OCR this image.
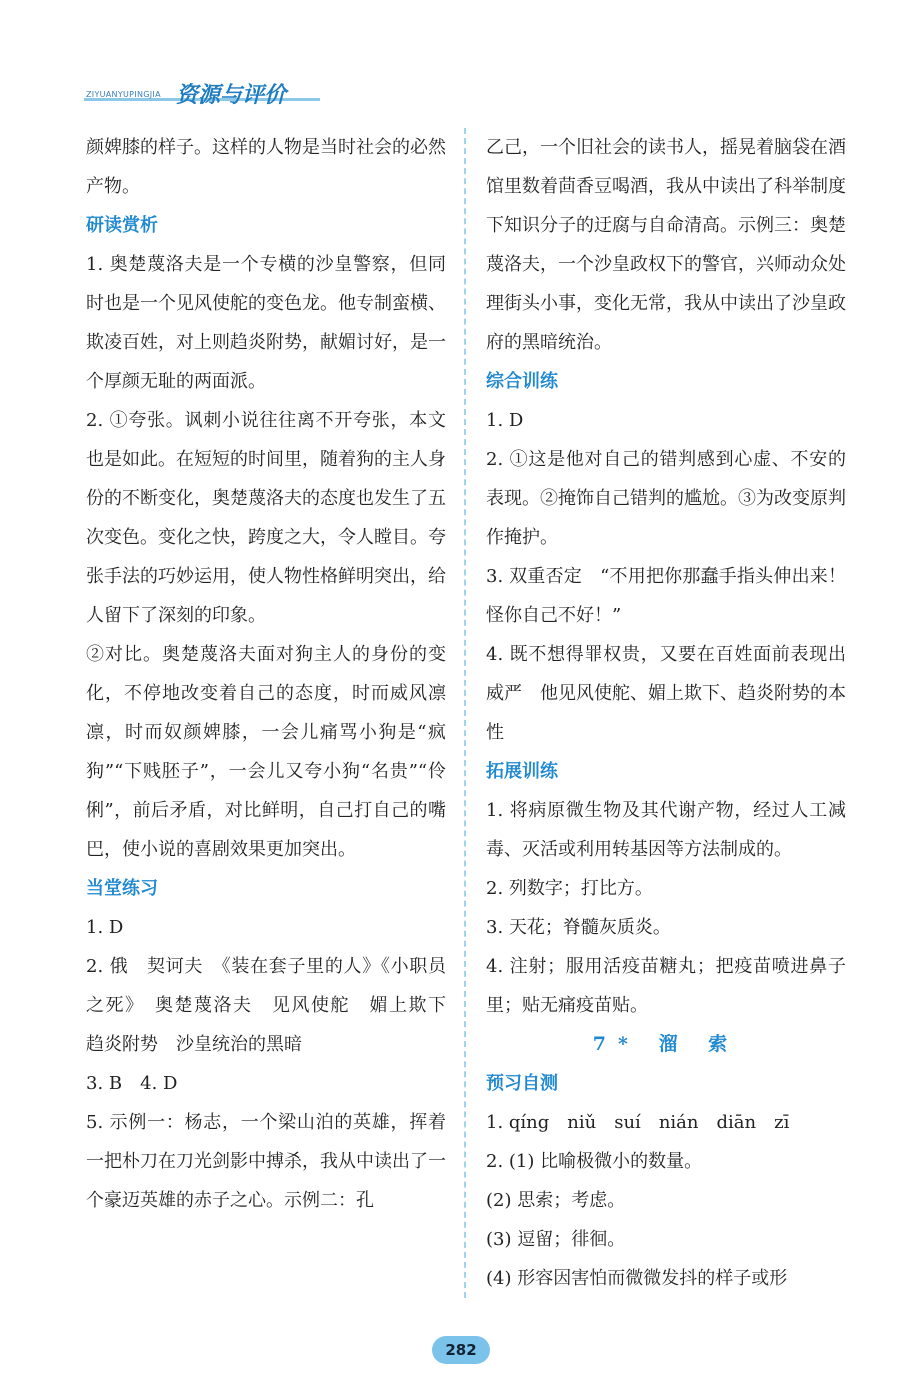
ZIYUANYUPINGJIA 资源与评价

颜婢膝的样子。这样的人物是当时社会的必然产物。

研读赏析

1. 奥楚蔑洛夫是一个专横的沙皇警察，但同时也是一个见风使舵的变色龙。他专制蛮横、欺凌百姓，对上则趋炎附势，献媚讨好，是一个厚颜无耻的两面派。

2. ①夸张。讽刺小说往往离不开夸张，本文也是如此。在短短的时间里，随着狗的主人身份的不断变化，奥楚蔑洛夫的态度也发生了五次变色。变化之快，跨度之大，令人瞠目。夸张手法的巧妙运用，使人物性格鲜明突出，给人留下了深刻的印象。

②对比。奥楚蔑洛夫面对狗主人的身份的变化，不停地改变着自己的态度，时而威风凛凛，时而奴颜婢膝，一会儿痛骂小狗是“疯狗”“下贱胚子”，一会儿又夸小狗“名贵”“伶俐”，前后矛盾，对比鲜明，自己打自己的嘴巴，使小说的喜剧效果更加突出。

当堂练习

1. D

2. 俄　契诃夫　《装在套子里的人》《小职员之死》　奥楚蔑洛夫　见风使舵　媚上欺下　趋炎附势　沙皇统治的黑暗

3. B　4. D

5. 示例一：杨志，一个梁山泊的英雄，挥着一把朴刀在刀光剑影中搏杀，我从中读出了一个豪迈英雄的赤子之心。示例二：孔

乙己，一个旧社会的读书人，摇晃着脑袋在酒馆里数着茴香豆喝酒，我从中读出了科举制度下知识分子的迂腐与自命清高。示例三：奥楚蔑洛夫，一个沙皇政权下的警官，兴师动众处理街头小事，变化无常，我从中读出了沙皇政府的黑暗统治。

综合训练

1. D

2. ①这是他对自己的错判感到心虚、不安的表现。②掩饰自己错判的尴尬。③为改变原判作掩护。

3. 双重否定　“不用把你那蠢手指头伸出来！怪你自己不好！”

4. 既不想得罪权贵，又要在百姓面前表现出威严　他见风使舵、媚上欺下、趋炎附势的本性

拓展训练

1. 将病原微生物及其代谢产物，经过人工减毒、灭活或利用转基因等方法制成的。

2. 列数字；打比方。

3. 天花；脊髓灰质炎。

4. 注射；服用活疫苗糖丸；把疫苗喷进鼻子里；贴无痛疫苗贴。

7* 溜 索

预习自测

1. qíng　niǔ　suí　nián　diān　zī

2. (1) 比喻极微小的数量。

(2) 思索；考虑。

(3) 逗留；徘徊。

(4) 形容因害怕而微微发抖的样子或形

282
